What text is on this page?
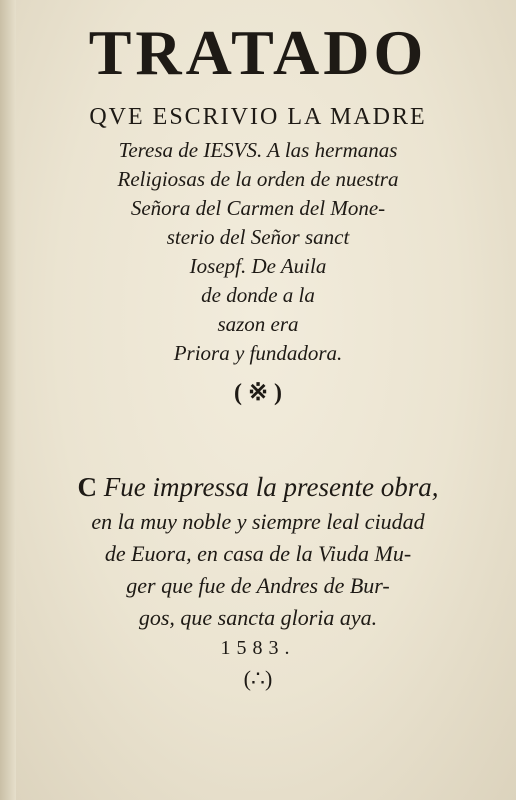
TRATADO
QVE ESCRIVIO LA MADRE
Teresa de IESVS. A las hermanas
Religiosas de la orden de nuestra
Señora del Carmen del Mone-
sterio del Señor sanct
Iosepf. De Auila
de donde a la
sazon era
Priora y fundadora.
( ※ )
C Fue impressa la presente obra,
en la muy noble y siempre leal ciudad
de Euora, en casa de la Viuda Mu-
ger que fue de Andres de Bur-
gos, que sancta gloria aya.
1583.
(∴)
